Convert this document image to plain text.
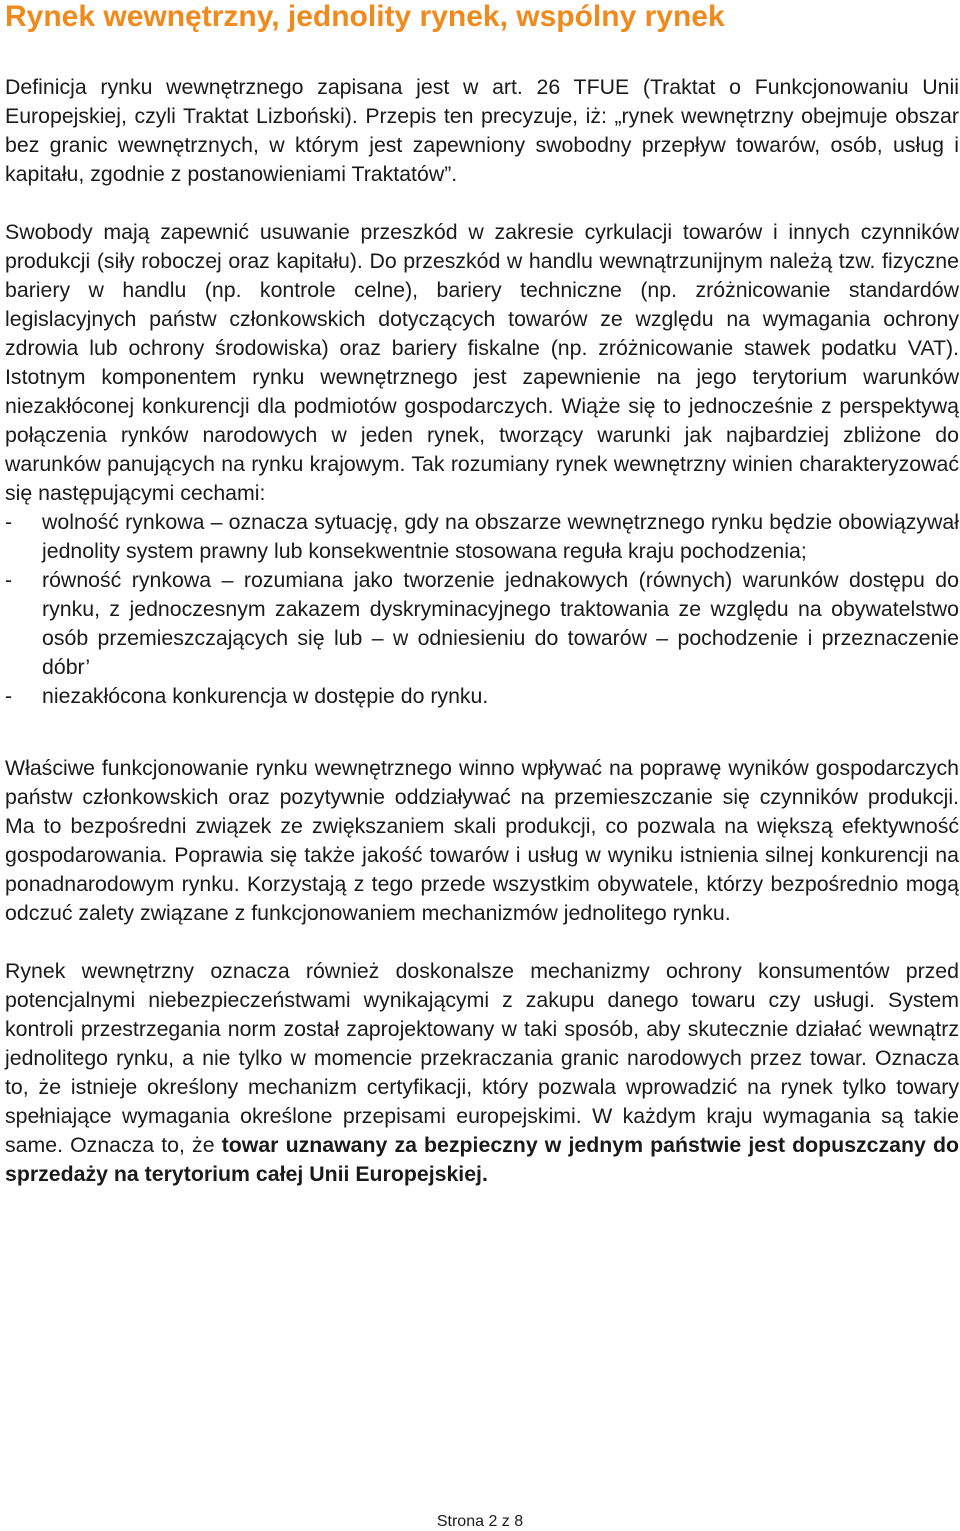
Rynek wewnętrzny, jednolity rynek, wspólny rynek

Definicja rynku wewnętrznego zapisana jest w art. 26 TFUE (Traktat o Funkcjonowaniu Unii Europejskiej, czyli Traktat Lizboński). Przepis ten precyzuje, iż: „rynek wewnętrzny obejmuje obszar bez granic wewnętrznych, w którym jest zapewniony swobodny przepływ towarów, osób, usług i kapitału, zgodnie z postanowieniami Traktatów”.

Swobody mają zapewnić usuwanie przeszkód w zakresie cyrkulacji towarów i innych czynników produkcji (siły roboczej oraz kapitału). Do przeszkód w handlu wewnątrzunijnym należą tzw. fizyczne bariery w handlu (np. kontrole celne), bariery techniczne (np. zróżnicowanie standardów legislacyjnych państw członkowskich dotyczących towarów ze względu na wymagania ochrony zdrowia lub ochrony środowiska) oraz bariery fiskalne (np. zróżnicowanie stawek podatku VAT). Istotnym komponentem rynku wewnętrznego jest zapewnienie na jego terytorium warunków niezakłóconej konkurencji dla podmiotów gospodarczych. Wiąże się to jednocześnie z perspektywą połączenia rynków narodowych w jeden rynek, tworzący warunki jak najbardziej zbliżone do warunków panujących na rynku krajowym. Tak rozumiany rynek wewnętrzny winien charakteryzować się następującymi cechami:

- wolność rynkowa – oznacza sytuację, gdy na obszarze wewnętrznego rynku będzie obowiązywał jednolity system prawny lub konsekwentnie stosowana reguła kraju pochodzenia;
- równość rynkowa – rozumiana jako tworzenie jednakowych (równych) warunków dostępu do rynku, z jednoczesnym zakazem dyskryminacyjnego traktowania ze względu na obywatelstwo osób przemieszczających się lub – w odniesieniu do towarów – pochodzenie i przeznaczenie dóbr’
- niezakłócona konkurencja w dostępie do rynku.

Właściwe funkcjonowanie rynku wewnętrznego winno wpływać na poprawę wyników gospodarczych państw członkowskich oraz pozytywnie oddziaływać na przemieszczanie się czynników produkcji. Ma to bezpośredni związek ze zwiększaniem skali produkcji, co pozwala na większą efektywność gospodarowania. Poprawia się także jakość towarów i usług w wyniku istnienia silnej konkurencji na ponadnarodowym rynku. Korzystają z tego przede wszystkim obywatele, którzy bezpośrednio mogą odczuć zalety związane z funkcjonowaniem mechanizmów jednolitego rynku.

Rynek wewnętrzny oznacza również doskonalsze mechanizmy ochrony konsumentów przed potencjalnymi niebezpieczeństwami wynikającymi z zakupu danego towaru czy usługi. System kontroli przestrzegania norm został zaprojektowany w taki sposób, aby skutecznie działać wewnątrz jednolitego rynku, a nie tylko w momencie przekraczania granic narodowych przez towar. Oznacza to, że istnieje określony mechanizm certyfikacji, który pozwala wprowadzić na rynek tylko towary spełniające wymagania określone przepisami europejskimi. W każdym kraju wymagania są takie same. Oznacza to, że towar uznawany za bezpieczny w jednym państwie jest dopuszczany do sprzedaży na terytorium całej Unii Europejskiej.

Strona 2 z 8
